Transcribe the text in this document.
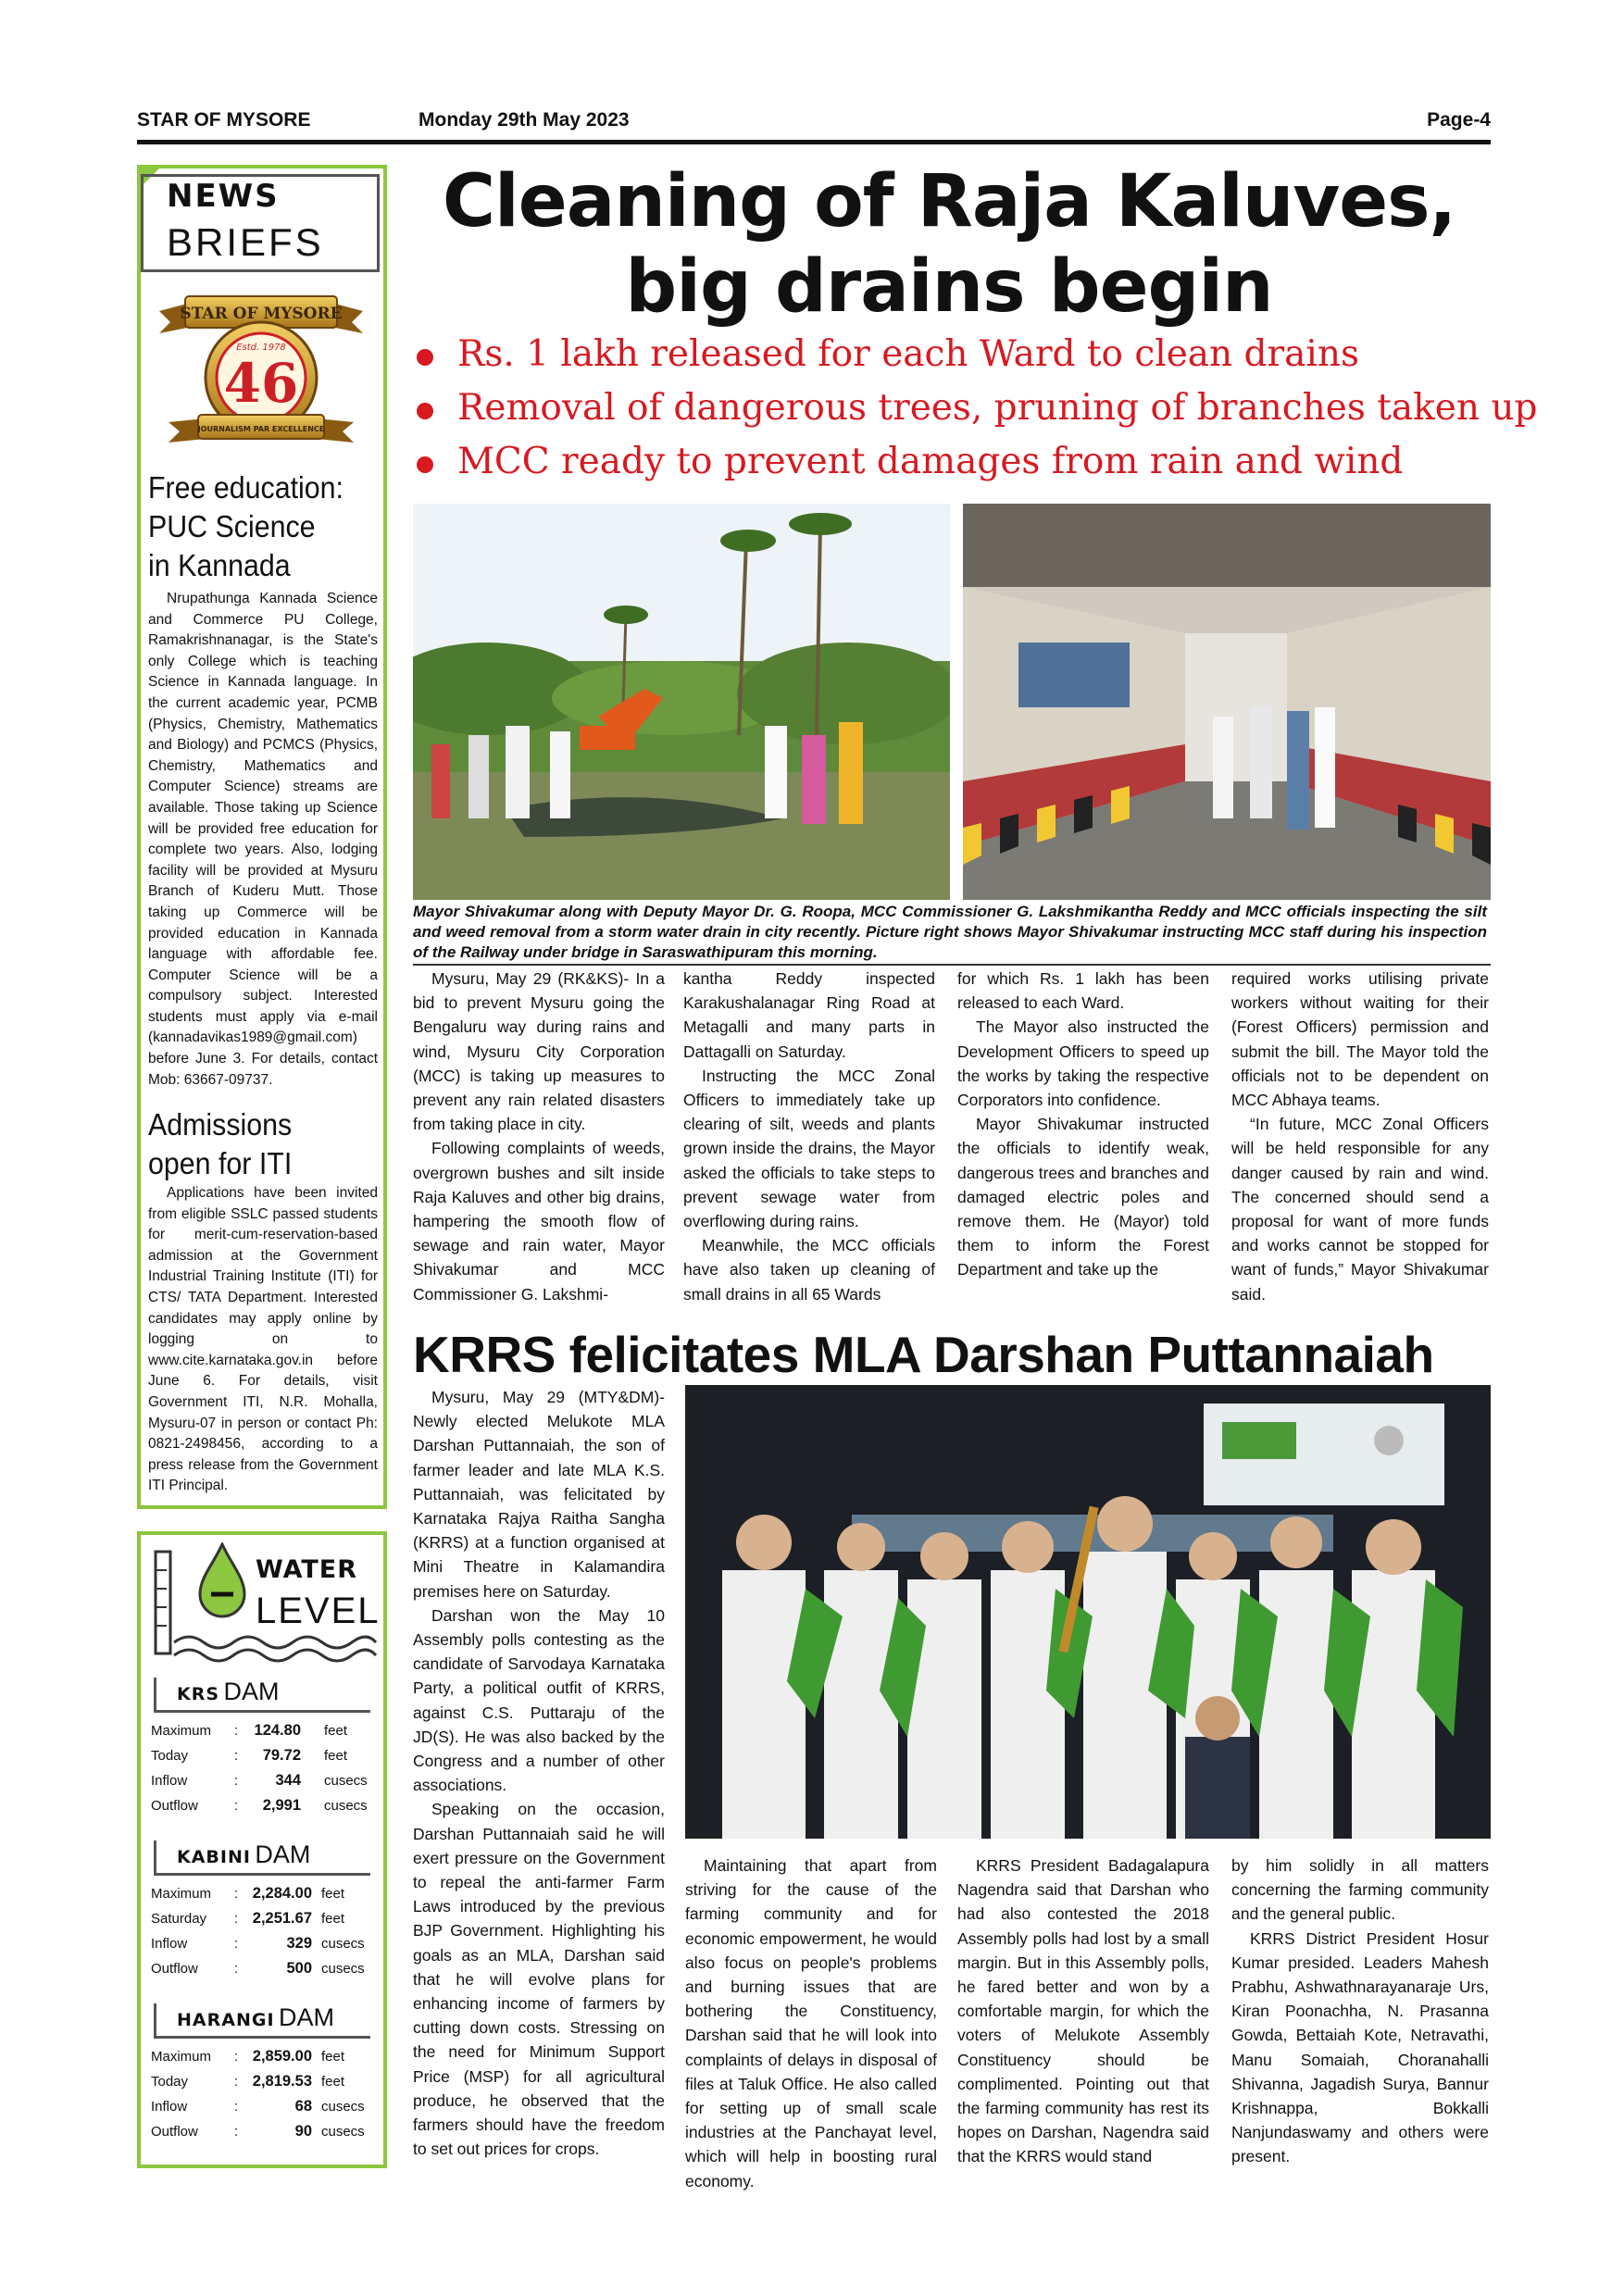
STAR OF MYSORE	Monday 29th May 2023	Page-4
NEWS
BRIEFS
STAR OF MYSORE
Estd. 1978
46
JOURNALISM PAR EXCELLENCE
Free education:
PUC Science
in Kannada
Nrupathunga Kannada Science and Commerce PU College, Ramakrishnanagar, is the State's only College which is teaching Science in Kannada language. In the current academic year, PCMB (Physics, Chemistry, Mathematics and Biology) and PCMCS (Physics, Chemistry, Mathematics and Computer Science) streams are available. Those taking up Science will be provided free education for complete two years. Also, lodging facility will be provided at Mysuru Branch of Kuderu Mutt. Those taking up Commerce will be provided education in Kannada language with affordable fee. Computer Science will be a compulsory subject. Interested students must apply via e-mail (kannadavikas1989@gmail.com) before June 3. For details, contact Mob: 63667-09737.
Admissions
open for ITI
Applications have been invited from eligible SSLC passed students for merit-cum-reservation-based admission at the Government Industrial Training Institute (ITI) for CTS/ TATA Department. Interested candidates may apply online by logging on to www.cite.karnataka.gov.in before June 6. For details, visit Government ITI, N.R. Mohalla, Mysuru-07 in person or contact Ph: 0821-2498456, according to a press release from the Government ITI Principal.
WATER
LEVEL
KRS DAM
Maximum : 124.80 feet
Today	: 79.72 feet
Inflow	: 344 cusecs
Outflow	: 2,991 cusecs
KABINI DAM
Maximum : 2,284.00 feet
Saturday : 2,251.67 feet
Inflow	:	329 cusecs
Outflow	:	500 cusecs
HARANGI DAM
Maximum : 2,859.00 feet
Today	: 2,819.53 feet
Inflow	:	68 cusecs
Outflow	:	90 cusecs
Cleaning of Raja Kaluves,
big drains begin
Rs. 1 lakh released for each Ward to clean drains
Removal of dangerous trees, pruning of branches taken up
MCC ready to prevent damages from rain and wind
Mayor Shivakumar along with Deputy Mayor Dr. G. Roopa, MCC Commissioner G. Lakshmikantha Reddy and MCC officials inspecting the silt and weed removal from a storm water drain in city recently. Picture right shows Mayor Shivakumar instructing MCC staff during his inspection of the Railway under bridge in Saraswathipuram this morning.

Mysuru, May 29 (RK&KS)- In a bid to prevent Mysuru going the Bengaluru way during rains and wind, Mysuru City Corporation (MCC) is taking up measures to prevent any rain related disasters from taking place in city.

Following complaints of weeds, overgrown bushes and silt inside Raja Kaluves and other big drains, hampering the smooth flow of sewage and rain water, Mayor Shivakumar and MCC Commissioner G. Lakshmi-

kantha Reddy inspected Karakushalanagar Ring Road at Metagalli and many parts in Dattagalli on Saturday.

Instructing the MCC Zonal Officers to immediately take up clearing of silt, weeds and plants grown inside the drains, the Mayor asked the officials to take steps to prevent sewage water from overflowing during rains.

Meanwhile, the MCC officials have also taken up cleaning of small drains in all 65 Wards

for which Rs. 1 lakh has been released to each Ward.

The Mayor also instructed the Development Officers to speed up the works by taking the respective Corporators into confidence.

Mayor Shivakumar instructed the officials to identify weak, dangerous trees and branches and damaged electric poles and remove them. He (Mayor) told them to inform the Forest Department and take up the

required works utilising private workers without waiting for their (Forest Officers) permission and submit the bill. The Mayor told the officials not to be dependent on MCC Abhaya teams.

“In future, MCC Zonal Officers will be held responsible for any danger caused by rain and wind. The concerned should send a proposal for want of more funds and works cannot be stopped for want of funds,” Mayor Shivakumar said.

KRRS felicitates MLA Darshan Puttannaiah

Mysuru, May 29 (MTY&DM)- Newly elected Melukote MLA Darshan Puttannaiah, the son of farmer leader and late MLA K.S. Puttannaiah, was felicitated by Karnataka Rajya Raitha Sangha (KRRS) at a function organised at Mini Theatre in Kalamandira premises here on Saturday.

Darshan won the May 10 Assembly polls contesting as the candidate of Sarvodaya Karnataka Party, a political outfit of KRRS, against C.S. Puttaraju of the JD(S). He was also backed by the Congress and a number of other associations.

Speaking on the occasion, Darshan Puttannaiah said he will exert pressure on the Government to repeal the anti-farmer Farm Laws introduced by the previous BJP Government. Highlighting his goals as an MLA, Darshan said that he will evolve plans for enhancing income of farmers by cutting down costs. Stressing on the need for Minimum Support Price (MSP) for all agricultural produce, he observed that the farmers should have the freedom to set out prices for crops.

Maintaining that apart from striving for the cause of the farming community and for economic empowerment, he would also focus on people's problems and burning issues that are bothering the Constituency, Darshan said that he will look into complaints of delays in disposal of files at Taluk Office. He also called for setting up of small scale industries at the Panchayat level, which will help in boosting rural economy.

KRRS President Badagalapura Nagendra said that Darshan who had also contested the 2018 Assembly polls had lost by a small margin. But in this Assembly polls, he fared better and won by a comfortable margin, for which the voters of Melukote Assembly Constituency should be complimented. Pointing out that the farming community has rest its hopes on Darshan, Nagendra said that the KRRS would stand

by him solidly in all matters concerning the farming community and the general public.

KRRS District President Hosur Kumar presided. Leaders Mahesh Prabhu, Ashwathnarayanaraje Urs, Kiran Poonachha, N. Prasanna Gowda, Bettaiah Kote, Netravathi, Manu Somaiah, Choranahalli Shivanna, Jagadish Surya, Bannur Krishnappa, Bokkalli Nanjundaswamy and others were present.
